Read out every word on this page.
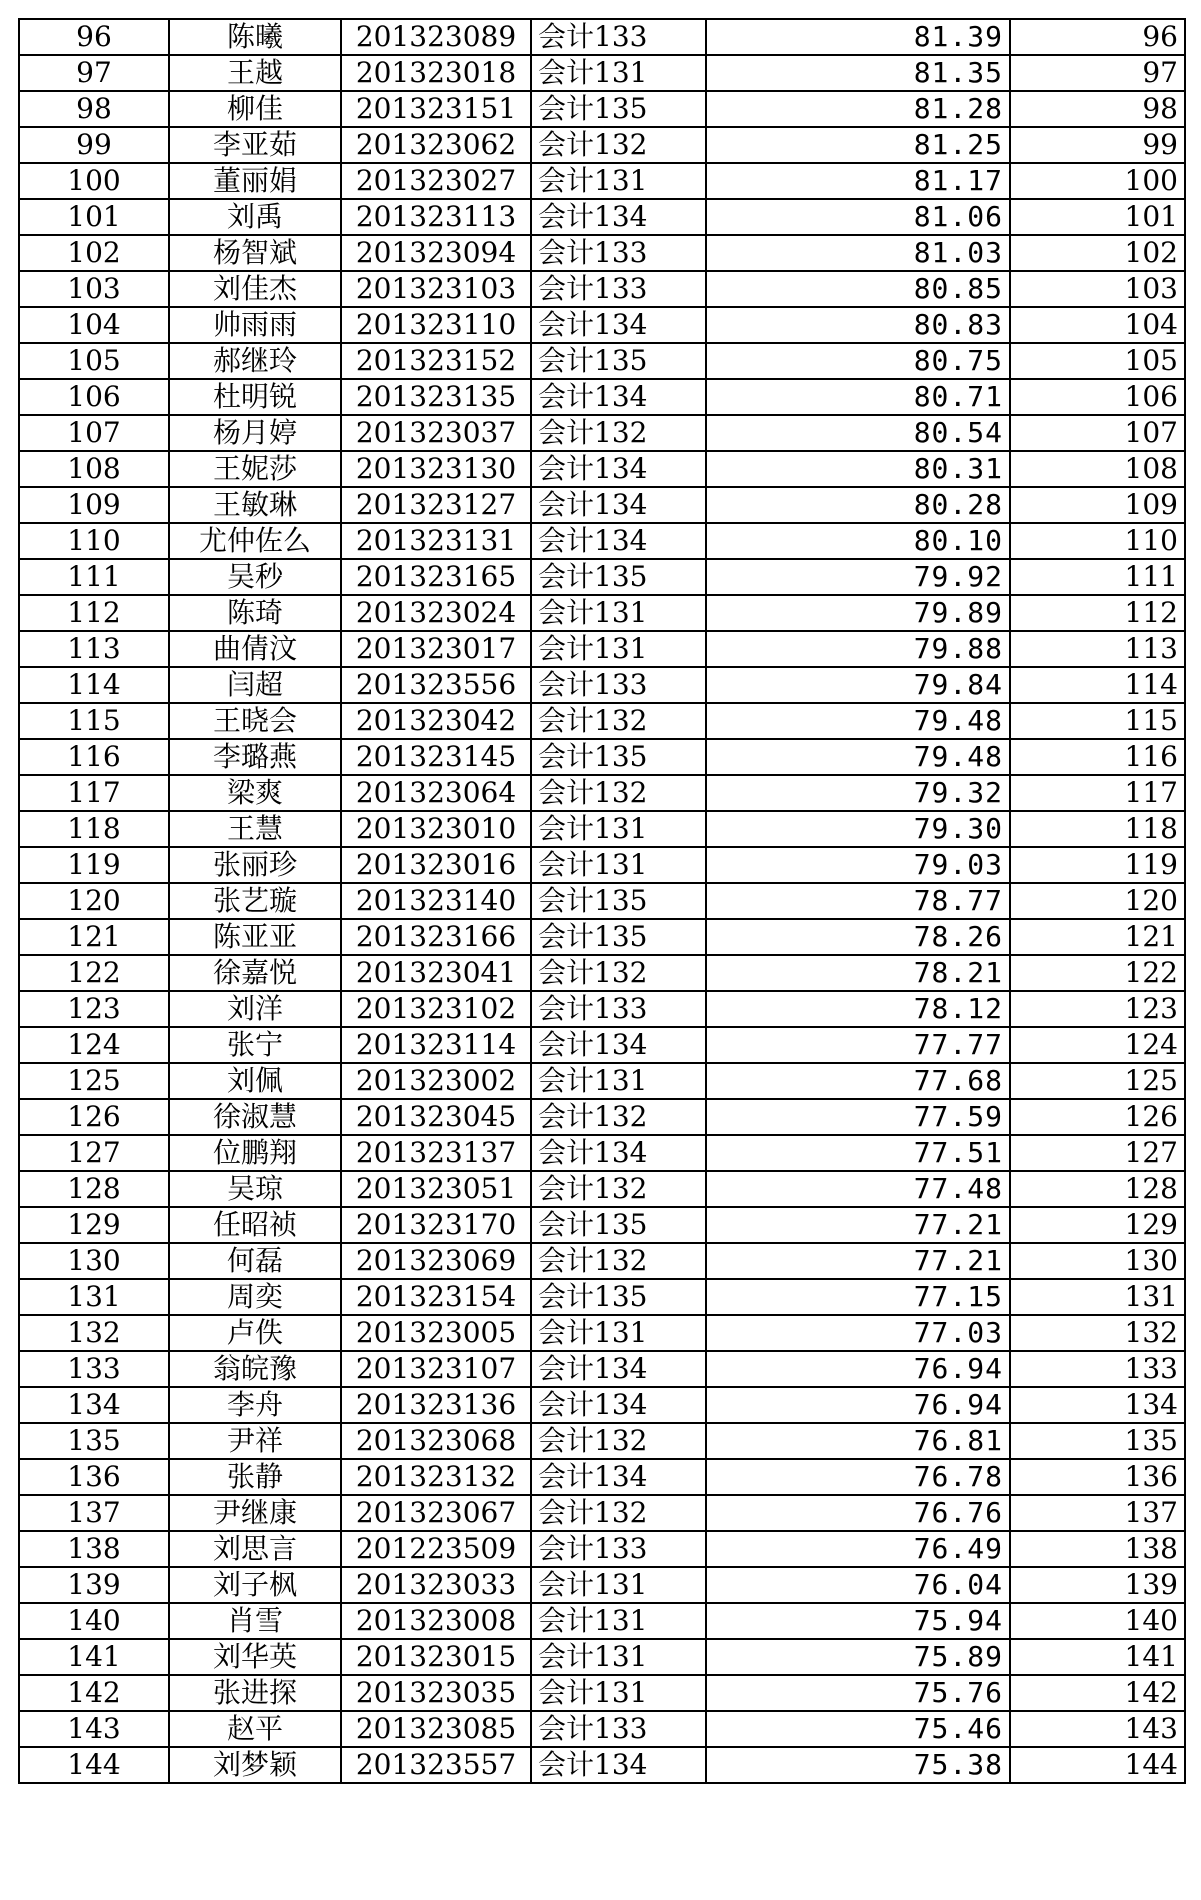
96	陈曦	201323089	会计133	81.39	96
97	王越	201323018	会计131	81.35	97
98	柳佳	201323151	会计135	81.28	98
99	李亚茹	201323062	会计132	81.25	99
100	董丽娟	201323027	会计131	81.17	100
101	刘禹	201323113	会计134	81.06	101
102	杨智斌	201323094	会计133	81.03	102
103	刘佳杰	201323103	会计133	80.85	103
104	帅雨雨	201323110	会计134	80.83	104
105	郝继玲	201323152	会计135	80.75	105
106	杜明锐	201323135	会计134	80.71	106
107	杨月婷	201323037	会计132	80.54	107
108	王妮莎	201323130	会计134	80.31	108
109	王敏琳	201323127	会计134	80.28	109
110	尤仲佐么	201323131	会计134	80.10	110
111	吴秒	201323165	会计135	79.92	111
112	陈琦	201323024	会计131	79.89	112
113	曲倩汶	201323017	会计131	79.88	113
114	闫超	201323556	会计133	79.84	114
115	王晓会	201323042	会计132	79.48	115
116	李璐燕	201323145	会计135	79.48	116
117	梁爽	201323064	会计132	79.32	117
118	王慧	201323010	会计131	79.30	118
119	张丽珍	201323016	会计131	79.03	119
120	张艺璇	201323140	会计135	78.77	120
121	陈亚亚	201323166	会计135	78.26	121
122	徐嘉悦	201323041	会计132	78.21	122
123	刘洋	201323102	会计133	78.12	123
124	张宁	201323114	会计134	77.77	124
125	刘佩	201323002	会计131	77.68	125
126	徐淑慧	201323045	会计132	77.59	126
127	位鹏翔	201323137	会计134	77.51	127
128	吴琼	201323051	会计132	77.48	128
129	任昭祯	201323170	会计135	77.21	129
130	何磊	201323069	会计132	77.21	130
131	周奕	201323154	会计135	77.15	131
132	卢佚	201323005	会计131	77.03	132
133	翁皖豫	201323107	会计134	76.94	133
134	李舟	201323136	会计134	76.94	134
135	尹祥	201323068	会计132	76.81	135
136	张静	201323132	会计134	76.78	136
137	尹继康	201323067	会计132	76.76	137
138	刘思言	201223509	会计133	76.49	138
139	刘子枫	201323033	会计131	76.04	139
140	肖雪	201323008	会计131	75.94	140
141	刘华英	201323015	会计131	75.89	141
142	张进探	201323035	会计131	75.76	142
143	赵平	201323085	会计133	75.46	143
144	刘梦颖	201323557	会计134	75.38	144
